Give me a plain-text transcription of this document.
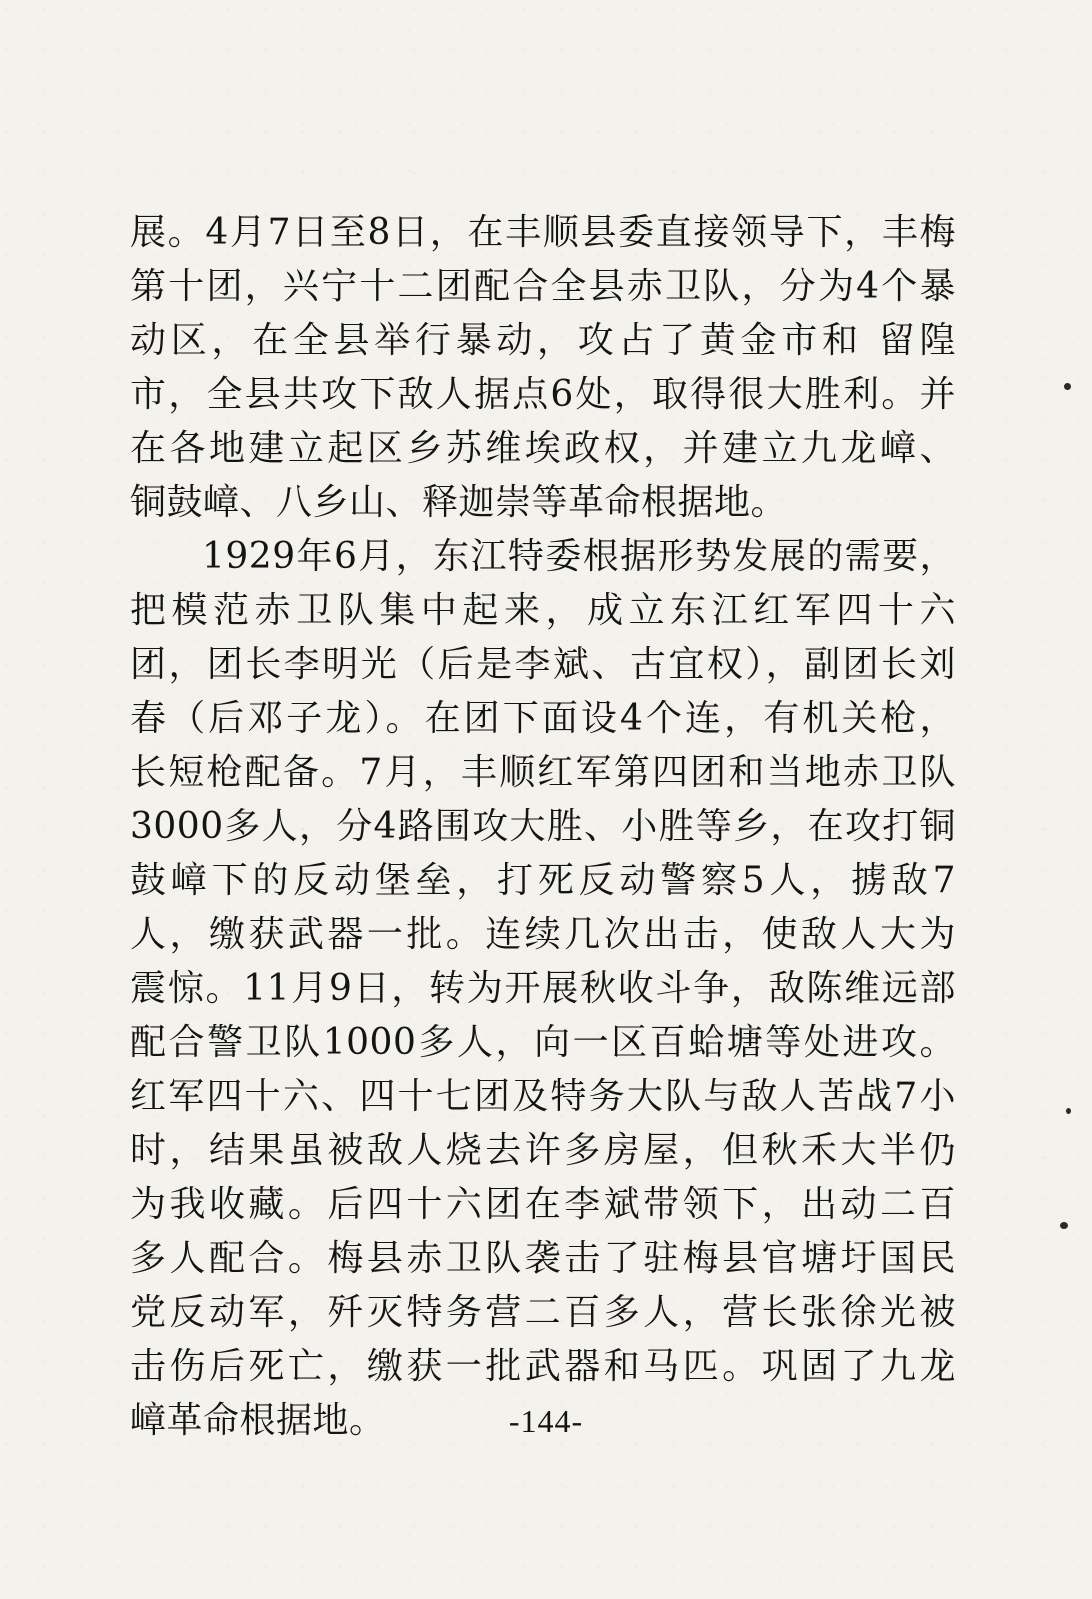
展。4月7日至8日，在丰顺县委直接领导下，丰梅
第十团，兴宁十二团配合全县赤卫队，分为4个暴
动区，在全县举行暴动，攻占了黄金市和 留隍
市，全县共攻下敌人据点6处，取得很大胜利。并
在各地建立起区乡苏维埃政权，并建立九龙嶂、
铜鼓嶂、八乡山、释迦崇等革命根据地。
1929年6月，东江特委根据形势发展的需要，
把模范赤卫队集中起来，成立东江红军四十六
团，团长李明光（后是李斌、古宜权），副团长刘
春（后邓子龙）。在团下面设4个连，有机关枪，
长短枪配备。7月，丰顺红军第四团和当地赤卫队
3000多人，分4路围攻大胜、小胜等乡，在攻打铜
鼓嶂下的反动堡垒，打死反动警察5人，掳敌7
人，缴获武器一批。连续几次出击，使敌人大为
震惊。11月9日，转为开展秋收斗争，敌陈维远部
配合警卫队1000多人，向一区百蛤塘等处进攻。
红军四十六、四十七团及特务大队与敌人苦战7小
时，结果虽被敌人烧去许多房屋，但秋禾大半仍
为我收藏。后四十六团在李斌带领下，出动二百
多人配合。梅县赤卫队袭击了驻梅县官塘圩国民
党反动军，歼灭特务营二百多人，营长张徐光被
击伤后死亡，缴获一批武器和马匹。巩固了九龙
嶂革命根据地。	-144-
